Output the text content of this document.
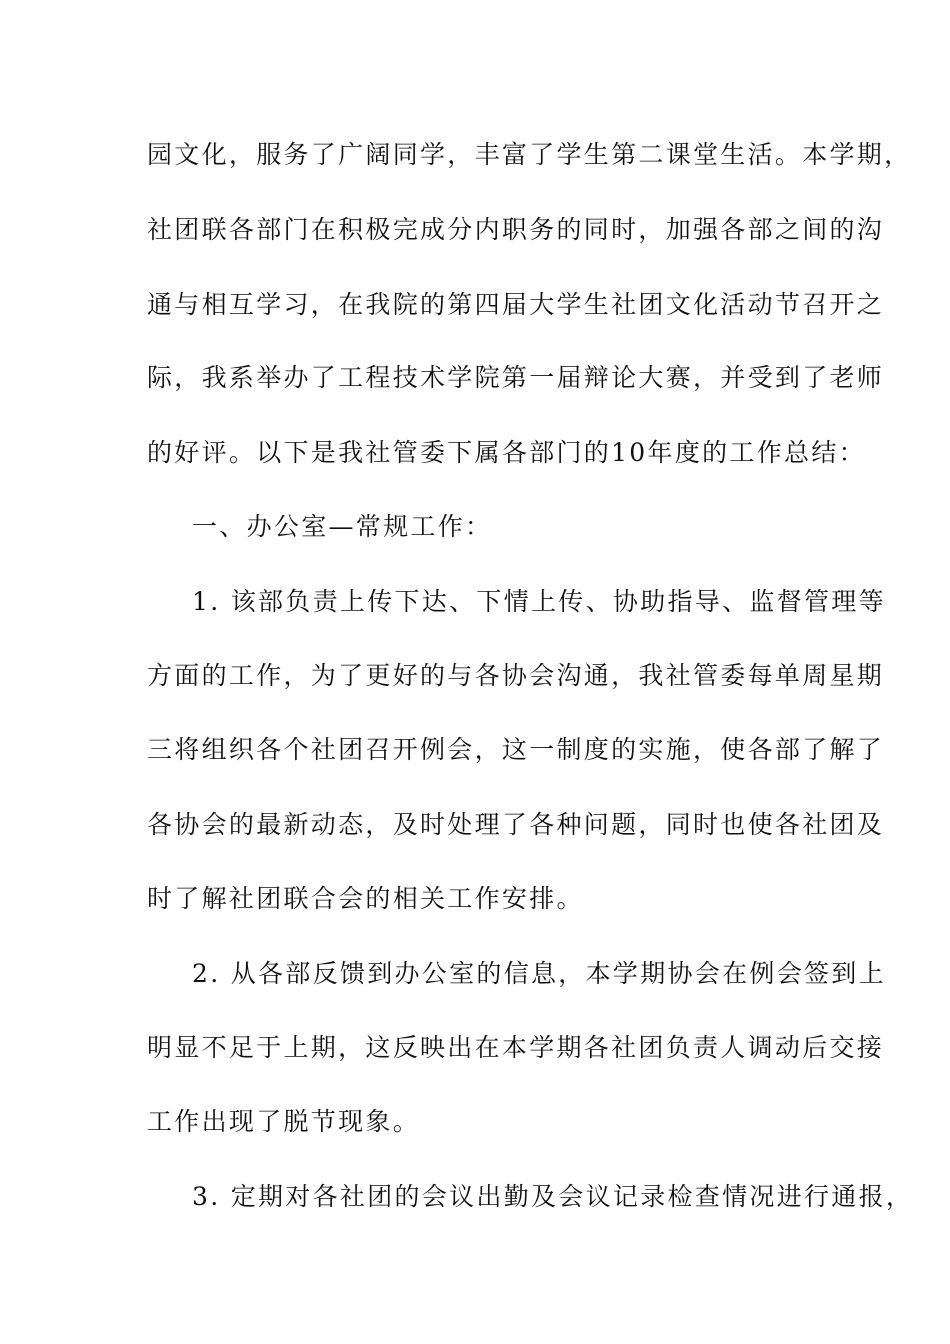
园文化，服务了广阔同学，丰富了学生第二课堂生活。本学期，
社团联各部门在积极完成分内职务的同时，加强各部之间的沟
通与相互学习，在我院的第四届大学生社团文化活动节召开之
际，我系举办了工程技术学院第一届辩论大赛，并受到了老师
的好评。以下是我社管委下属各部门的10年度的工作总结：
一、办公室—常规工作：
1. 该部负责上传下达、下情上传、协助指导、监督管理等
方面的工作，为了更好的与各协会沟通，我社管委每单周星期
三将组织各个社团召开例会，这一制度的实施，使各部了解了
各协会的最新动态，及时处理了各种问题，同时也使各社团及
时了解社团联合会的相关工作安排。
2. 从各部反馈到办公室的信息，本学期协会在例会签到上
明显不足于上期，这反映出在本学期各社团负责人调动后交接
工作出现了脱节现象。
3. 定期对各社团的会议出勤及会议记录检查情况进行通报，
